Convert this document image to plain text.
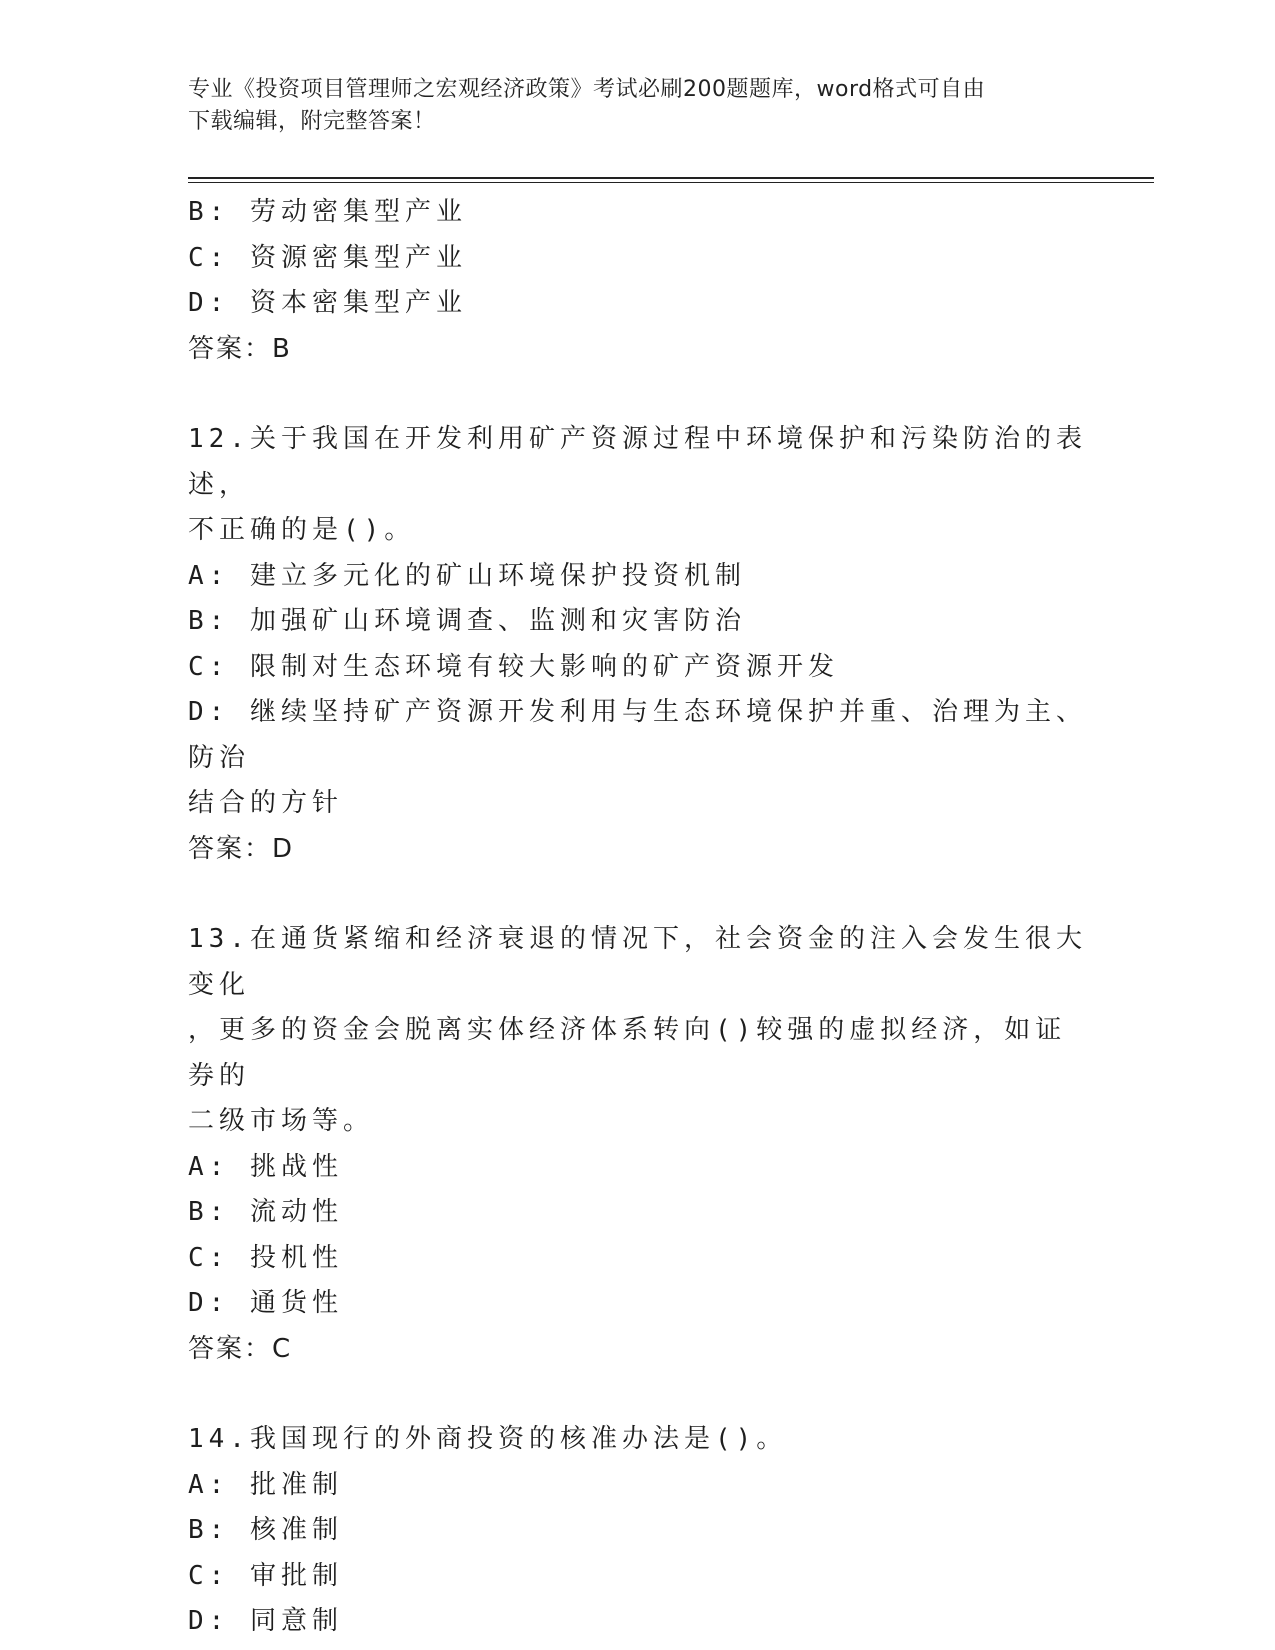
专业《投资项目管理师之宏观经济政策》考试必刷200题题库，word格式可自由
下载编辑，附完整答案！
B: 劳动密集型产业
C: 资源密集型产业
D: 资本密集型产业
答案：B
12.关于我国在开发利用矿产资源过程中环境保护和污染防治的表述，
不正确的是()。
A: 建立多元化的矿山环境保护投资机制
B: 加强矿山环境调查、监测和灾害防治
C: 限制对生态环境有较大影响的矿产资源开发
D: 继续坚持矿产资源开发利用与生态环境保护并重、治理为主、防治
结合的方针
答案：D
13.在通货紧缩和经济衰退的情况下，社会资金的注入会发生很大变化
，更多的资金会脱离实体经济体系转向()较强的虚拟经济，如证券的
二级市场等。
A: 挑战性
B: 流动性
C: 投机性
D: 通货性
答案：C
14.我国现行的外商投资的核准办法是()。
A: 批准制
B: 核准制
C: 审批制
D: 同意制
